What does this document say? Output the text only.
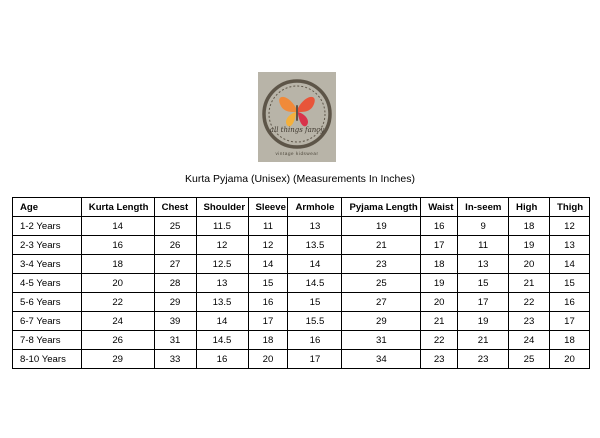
all things fancy
vintage kidswear
Kurta Pyjama (Unisex) (Measurements In Inches)
Age	Kurta Length	Chest	Shoulder	Sleeve	Armhole	Pyjama Length	Waist	In-seem	High	Thigh
1-2 Years	14	25	11.5	11	13	19	16	9	18	12
2-3 Years	16	26	12	12	13.5	21	17	11	19	13
3-4 Years	18	27	12.5	14	14	23	18	13	20	14
4-5 Years	20	28	13	15	14.5	25	19	15	21	15
5-6 Years	22	29	13.5	16	15	27	20	17	22	16
6-7 Years	24	39	14	17	15.5	29	21	19	23	17
7-8 Years	26	31	14.5	18	16	31	22	21	24	18
8-10 Years	29	33	16	20	17	34	23	23	25	20
